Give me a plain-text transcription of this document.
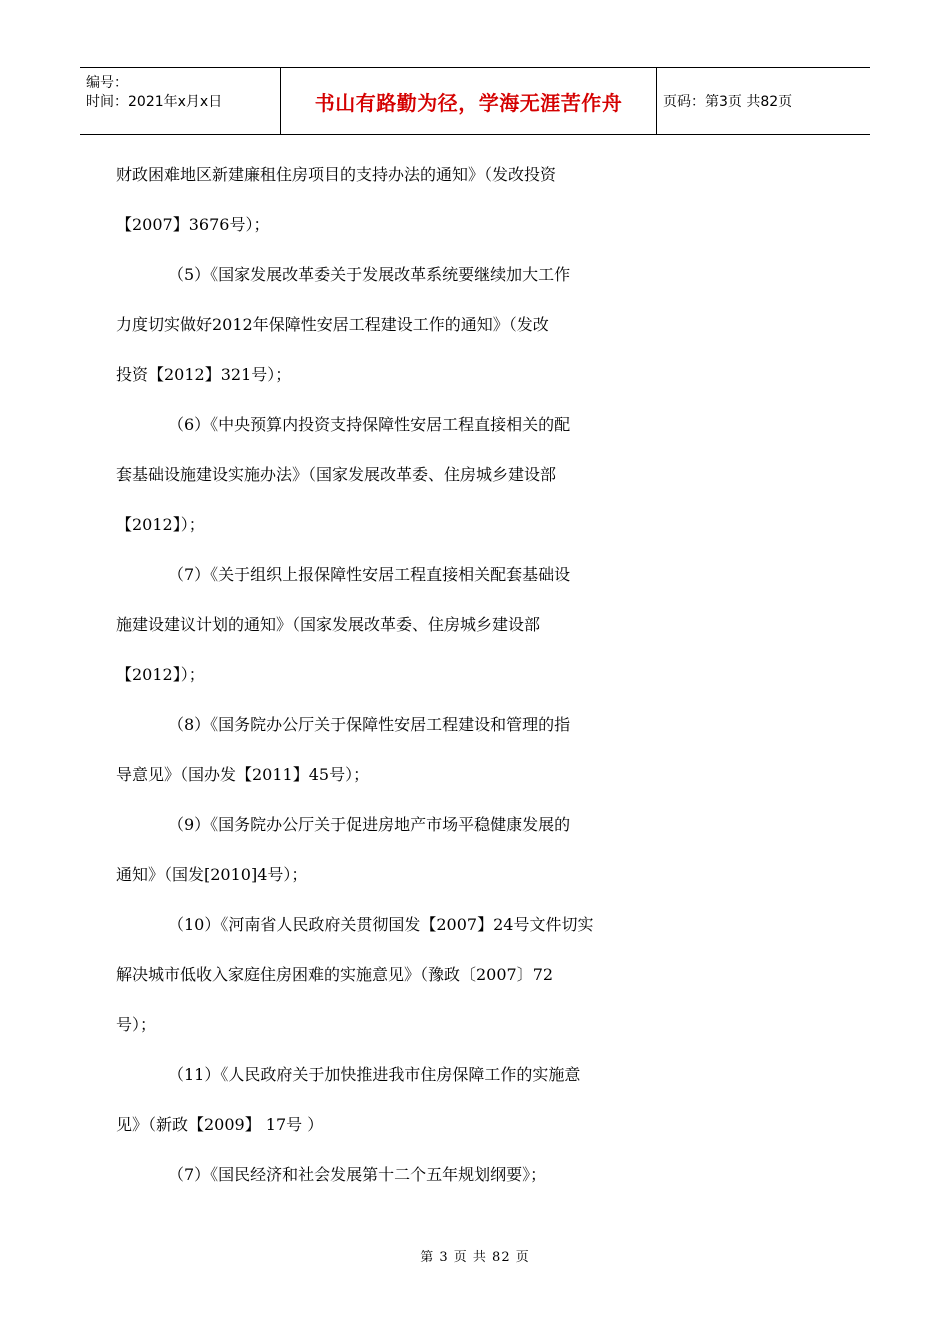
编号：
时间：2021年x月x日	书山有路勤为径，学海无涯苦作舟	页码：第3页 共82页
财政困难地区新建廉租住房项目的支持办法的通知》（发改投资
【2007】3676号）；
（5）《国家发展改革委关于发展改革系统要继续加大工作
力度切实做好2012年保障性安居工程建设工作的通知》（发改
投资【2012】321号）；
（6）《中央预算内投资支持保障性安居工程直接相关的配
套基础设施建设实施办法》（国家发展改革委、住房城乡建设部
【2012】）；
（7）《关于组织上报保障性安居工程直接相关配套基础设
施建设建议计划的通知》（国家发展改革委、住房城乡建设部
【2012】）；
（8）《国务院办公厅关于保障性安居工程建设和管理的指
导意见》（国办发【2011】45号）；
（9）《国务院办公厅关于促进房地产市场平稳健康发展的
通知》（国发[2010]4号）；
（10）《河南省人民政府关贯彻国发【2007】24号文件切实
解决城市低收入家庭住房困难的实施意见》（豫政〔2007〕72
号）；
（11）《人民政府关于加快推进我市住房保障工作的实施意
见》（新政【2009】 17号 ）
（7）《国民经济和社会发展第十二个五年规划纲要》；
第 3 页 共 82 页
